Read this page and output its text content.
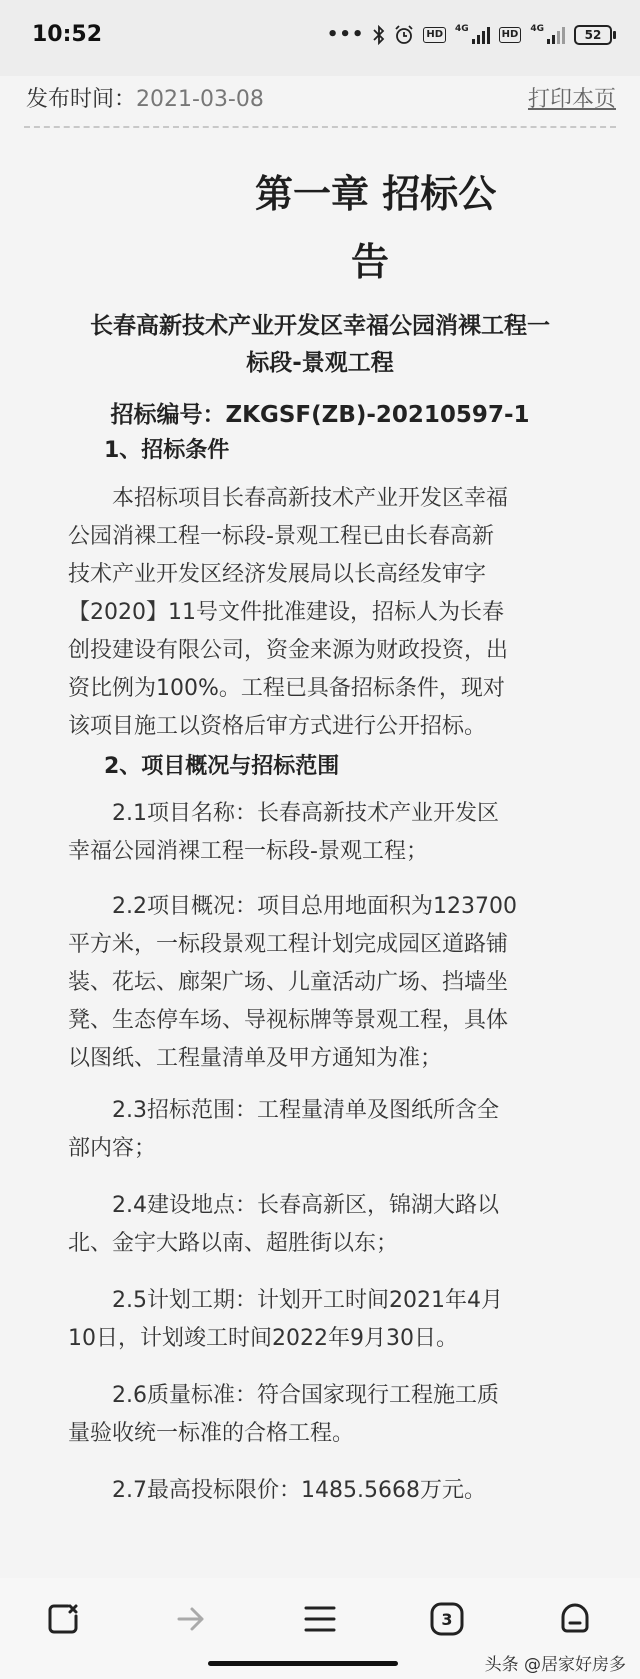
10:52	•••	HD	4G	HD	4G	52
发布时间：2021-03-08	打印本页
第一章 招标公
告
长春高新技术产业开发区幸福公园消裸工程一
标段-景观工程
招标编号：ZKGSF(ZB)-20210597-1
1、招标条件
本招标项目长春高新技术产业开发区幸福
公园消裸工程一标段-景观工程已由长春高新
技术产业开发区经济发展局以长高经发审字
【2020】11号文件批准建设，招标人为长春
创投建设有限公司，资金来源为财政投资，出
资比例为100%。工程已具备招标条件，现对
该项目施工以资格后审方式进行公开招标。
2、项目概况与招标范围
2.1项目名称：长春高新技术产业开发区
幸福公园消裸工程一标段-景观工程；
2.2项目概况：项目总用地面积为123700
平方米，一标段景观工程计划完成园区道路铺
装、花坛、廊架广场、儿童活动广场、挡墙坐
凳、生态停车场、导视标牌等景观工程，具体
以图纸、工程量清单及甲方通知为准；
2.3招标范围：工程量清单及图纸所含全
部内容；
2.4建设地点：长春高新区，锦湖大路以
北、金宇大路以南、超胜街以东；
2.5计划工期：计划开工时间2021年4月
10日，计划竣工时间2022年9月30日。
2.6质量标准：符合国家现行工程施工质
量验收统一标准的合格工程。
2.7最高投标限价：1485.5668万元。
3
头条 @居家好房多
